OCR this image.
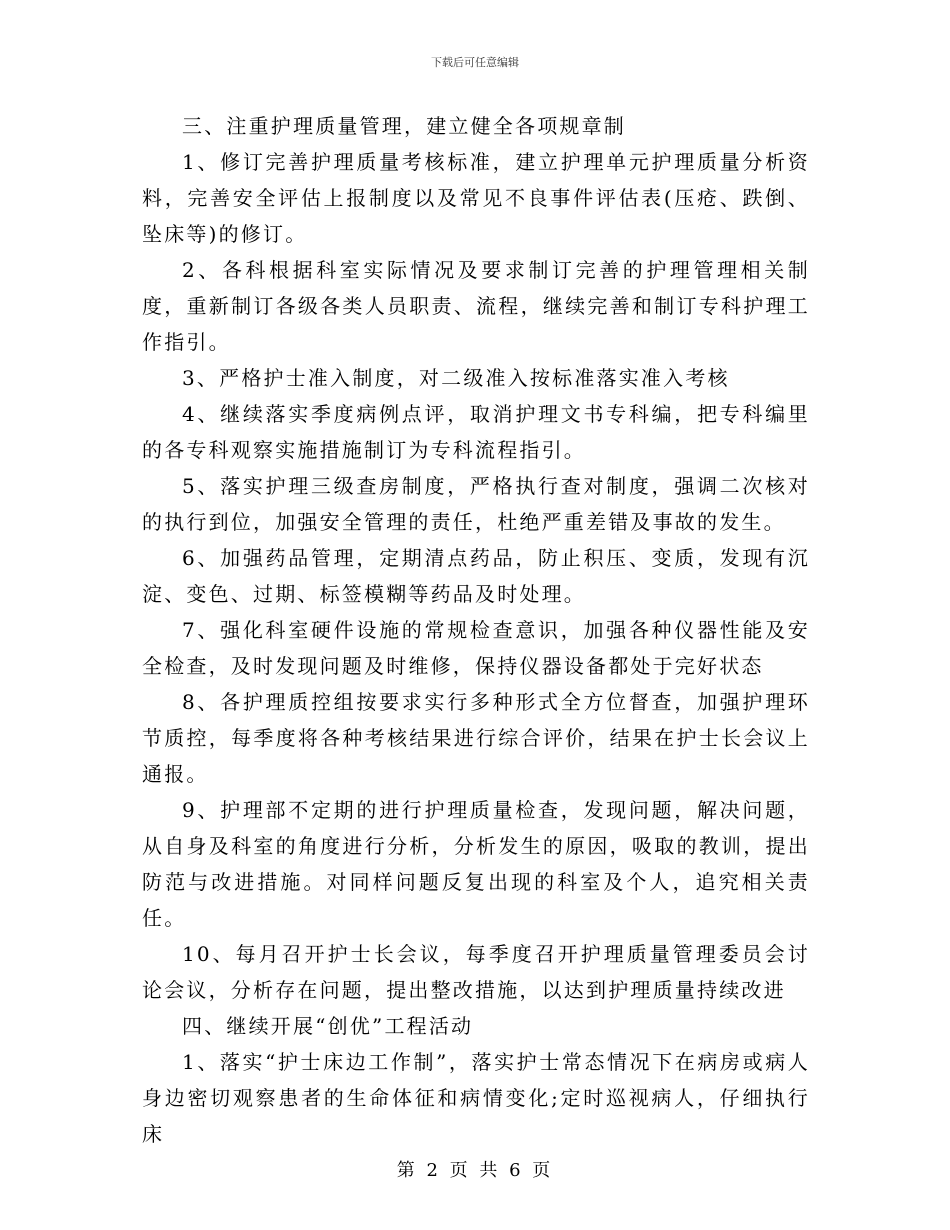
下载后可任意编辑

三、注重护理质量管理，建立健全各项规章制

1、修订完善护理质量考核标准，建立护理单元护理质量分析资料，完善安全评估上报制度以及常见不良事件评估表(压疮、跌倒、坠床等)的修订。

2、各科根据科室实际情况及要求制订完善的护理管理相关制度，重新制订各级各类人员职责、流程，继续完善和制订专科护理工作指引。

3、严格护士准入制度，对二级准入按标准落实准入考核

4、继续落实季度病例点评，取消护理文书专科编，把专科编里的各专科观察实施措施制订为专科流程指引。

5、落实护理三级查房制度，严格执行查对制度，强调二次核对的执行到位，加强安全管理的责任，杜绝严重差错及事故的发生。

6、加强药品管理，定期清点药品，防止积压、变质，发现有沉淀、变色、过期、标签模糊等药品及时处理。

7、强化科室硬件设施的常规检查意识，加强各种仪器性能及安全检查，及时发现问题及时维修，保持仪器设备都处于完好状态

8、各护理质控组按要求实行多种形式全方位督查，加强护理环节质控，每季度将各种考核结果进行综合评价，结果在护士长会议上通报。

9、护理部不定期的进行护理质量检查，发现问题，解决问题，从自身及科室的角度进行分析，分析发生的原因，吸取的教训，提出防范与改进措施。对同样问题反复出现的科室及个人，追究相关责任。

10、每月召开护士长会议，每季度召开护理质量管理委员会讨论会议，分析存在问题，提出整改措施，以达到护理质量持续改进

四、继续开展“创优”工程活动

1、落实“护士床边工作制”，落实护士常态情况下在病房或病人身边密切观察患者的生命体征和病情变化;定时巡视病人，仔细执行床

第 2 页 共 6 页
